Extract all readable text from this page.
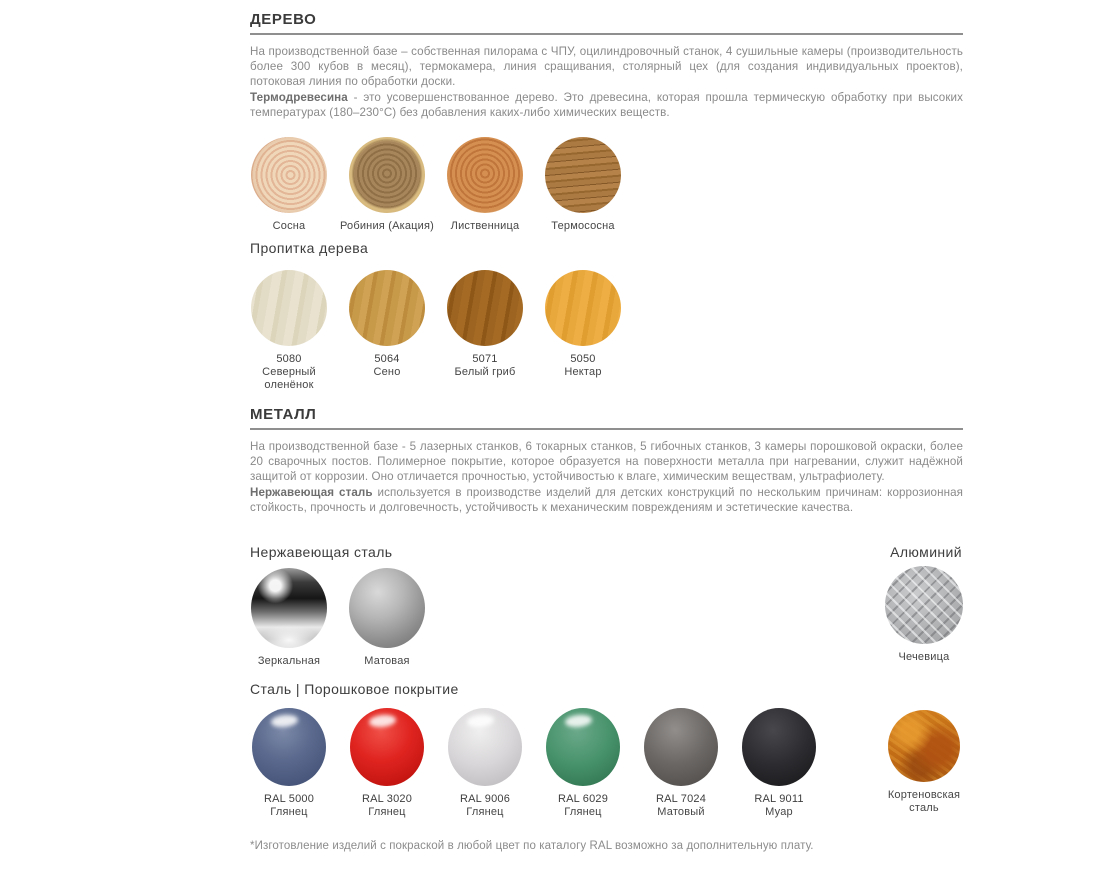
ДЕРЕВО

На производственной базе – собственная пилорама с ЧПУ, оцилиндровочный станок, 4 сушильные камеры (производительность более 300 кубов в месяц), термокамера, линия сращивания, столярный цех (для создания индивидуальных проектов), потоковая линия по обработки доски.
Термодревесина - это усовершенствованное дерево. Это древесина, которая прошла термическую обработку при высоких температурах (180–230°C) без добавления каких-либо химических веществ.

Сосна	Робиния (Акация) Лиственница	Термососна
Пропитка дерева
5080
Северный оленёнок
5064
Сено
5071
Белый гриб
5050
Нектар
МЕТАЛЛ

На производственной базе - 5 лазерных станков, 6 токарных станков, 5 гибочных станков, 3 камеры порошковой окраски, более 20 сварочных постов. Полимерное покрытие, которое образуется на поверхности металла при нагревании, служит надёжной защитой от коррозии. Оно отличается прочностью, устойчивостью к влаге, химическим веществам, ультрафиолету.
Нержавеющая сталь используется в производстве изделий для детских конструкций по нескольким причинам: коррозионная стойкость, прочность и долговечность, устойчивость к механическим повреждениям и эстетические качества.

Нержавеющая сталь	Алюминий
Зеркальная	Матовая	Чечевица
Сталь | Порошковое покрытие
RAL 5000
Глянец
RAL 3020
Глянец
RAL 9006
Глянец
RAL 6029
Глянец
RAL 7024
Матовый
RAL 9011
Муар
Кортеновская сталь
*Изготовление изделий с покраской в любой цвет по каталогу RAL возможно за дополнительную плату.
